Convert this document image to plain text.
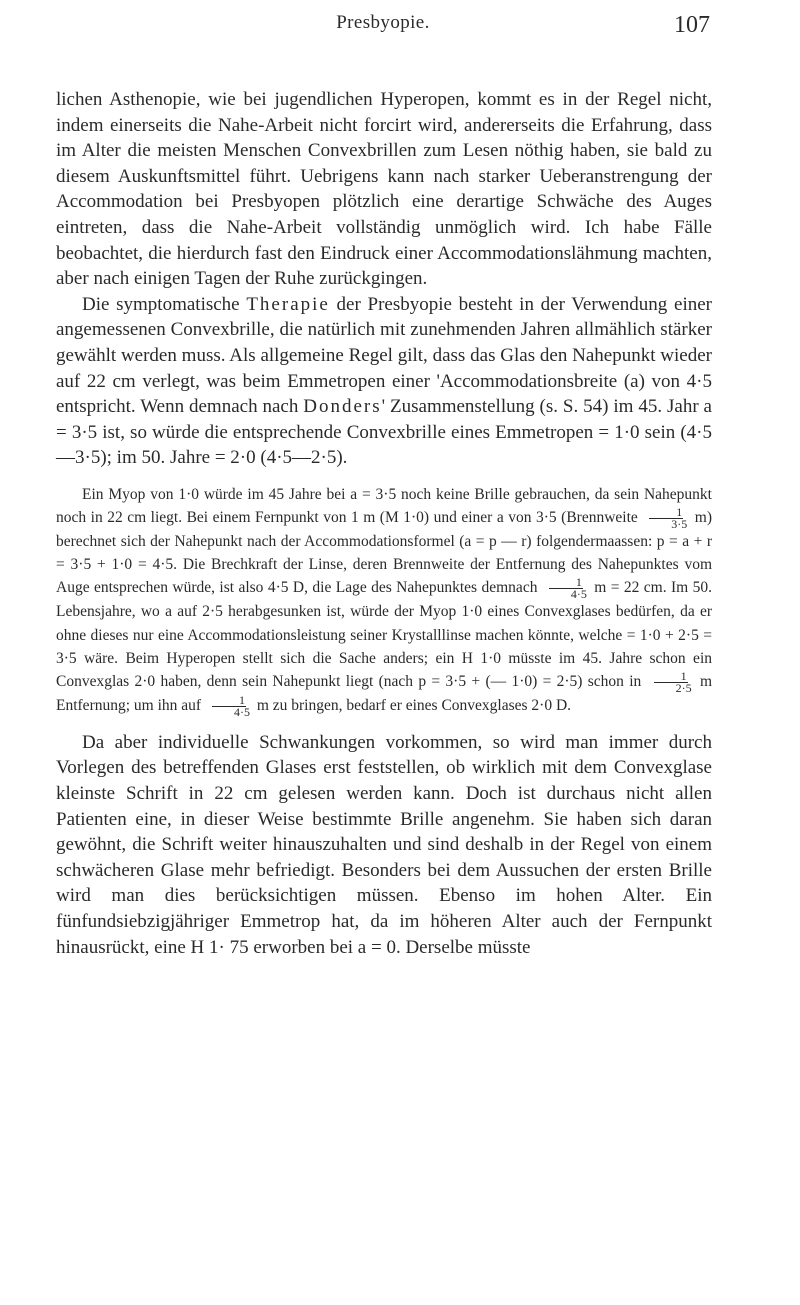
Presbyopie.	107

lichen Asthenopie, wie bei jugendlichen Hyperopen, kommt es in der Regel nicht, indem einerseits die Nahe-Arbeit nicht forcirt wird, andererseits die Erfahrung, dass im Alter die meisten Menschen Convexbrillen zum Lesen nöthig haben, sie bald zu diesem Auskunftsmittel führt. Uebrigens kann nach starker Ueberanstrengung der Accommodation bei Presbyopen plötzlich eine derartige Schwäche des Auges eintreten, dass die Nahe-Arbeit vollständig unmöglich wird. Ich habe Fälle beobachtet, die hierdurch fast den Eindruck einer Accommodationslähmung machten, aber nach einigen Tagen der Ruhe zurückgingen.

Die symptomatische Therapie der Presbyopie besteht in der Verwendung einer angemessenen Convexbrille, die natürlich mit zunehmenden Jahren allmählich stärker gewählt werden muss. Als allgemeine Regel gilt, dass das Glas den Nahepunkt wieder auf 22 cm verlegt, was beim Emmetropen einer 'Accommodationsbreite (a) von 4·5 entspricht. Wenn demnach nach Donders' Zusammenstellung (s. S. 54) im 45. Jahr a = 3·5 ist, so würde die entsprechende Convexbrille eines Emmetropen = 1·0 sein (4·5—3·5); im 50. Jahre = 2·0 (4·5—2·5).

Ein Myop von 1·0 würde im 45 Jahre bei a = 3·5 noch keine Brille gebrauchen, da sein Nahepunkt noch in 22 cm liegt. Bei einem Fernpunkt von 1 m (M 1·0) und einer a von 3·5 (Brennweite $\frac{1}{3\cdot 5} m$) berechnet sich der Nahepunkt nach der Accommodationsformel (a = p — r) folgendermaassen: p = a + r = 3·5 + 1·0 = 4·5. Die Brechkraft der Linse, deren Brennweite der Entfernung des Nahepunktes vom Auge entsprechen würde, ist also 4·5 D, die Lage des Nahepunktes demnach $\frac{1}{4\cdot 5}$ m = 22 cm. Im 50. Lebensjahre, wo a auf 2·5 herabgesunken ist, würde der Myop 1·0 eines Convexglases bedürfen, da er ohne dieses nur eine Accommodationsleistung seiner Krystalllinse machen könnte, welche = 1·0 + 2·5 = 3·5 wäre. Beim Hyperopen stellt sich die Sache anders; ein H 1·0 müsste im 45. Jahre schon ein Convexglas 2·0 haben, denn sein Nahepunkt liegt (nach p = 3·5 + (— 1·0) = 2·5) schon in $\frac{1}{2\cdot 5}$ m Entfernung; um ihn auf $\frac{1}{4\cdot 5}$ m zu bringen, bedarf er eines Convexglases 2·0 D.

Da aber individuelle Schwankungen vorkommen, so wird man immer durch Vorlegen des betreffenden Glases erst feststellen, ob wirklich mit dem Convexglase kleinste Schrift in 22 cm gelesen werden kann. Doch ist durchaus nicht allen Patienten eine, in dieser Weise bestimmte Brille angenehm. Sie haben sich daran gewöhnt, die Schrift weiter hinauszuhalten und sind deshalb in der Regel von einem schwächeren Glase mehr befriedigt. Besonders bei dem Aussuchen der ersten Brille wird man dies berücksichtigen müssen. Ebenso im hohen Alter. Ein fünfundsiebzigjähriger Emmetrop hat, da im höheren Alter auch der Fernpunkt hinausrückt, eine H 1· 75 erworben bei a = 0. Derselbe müsste
